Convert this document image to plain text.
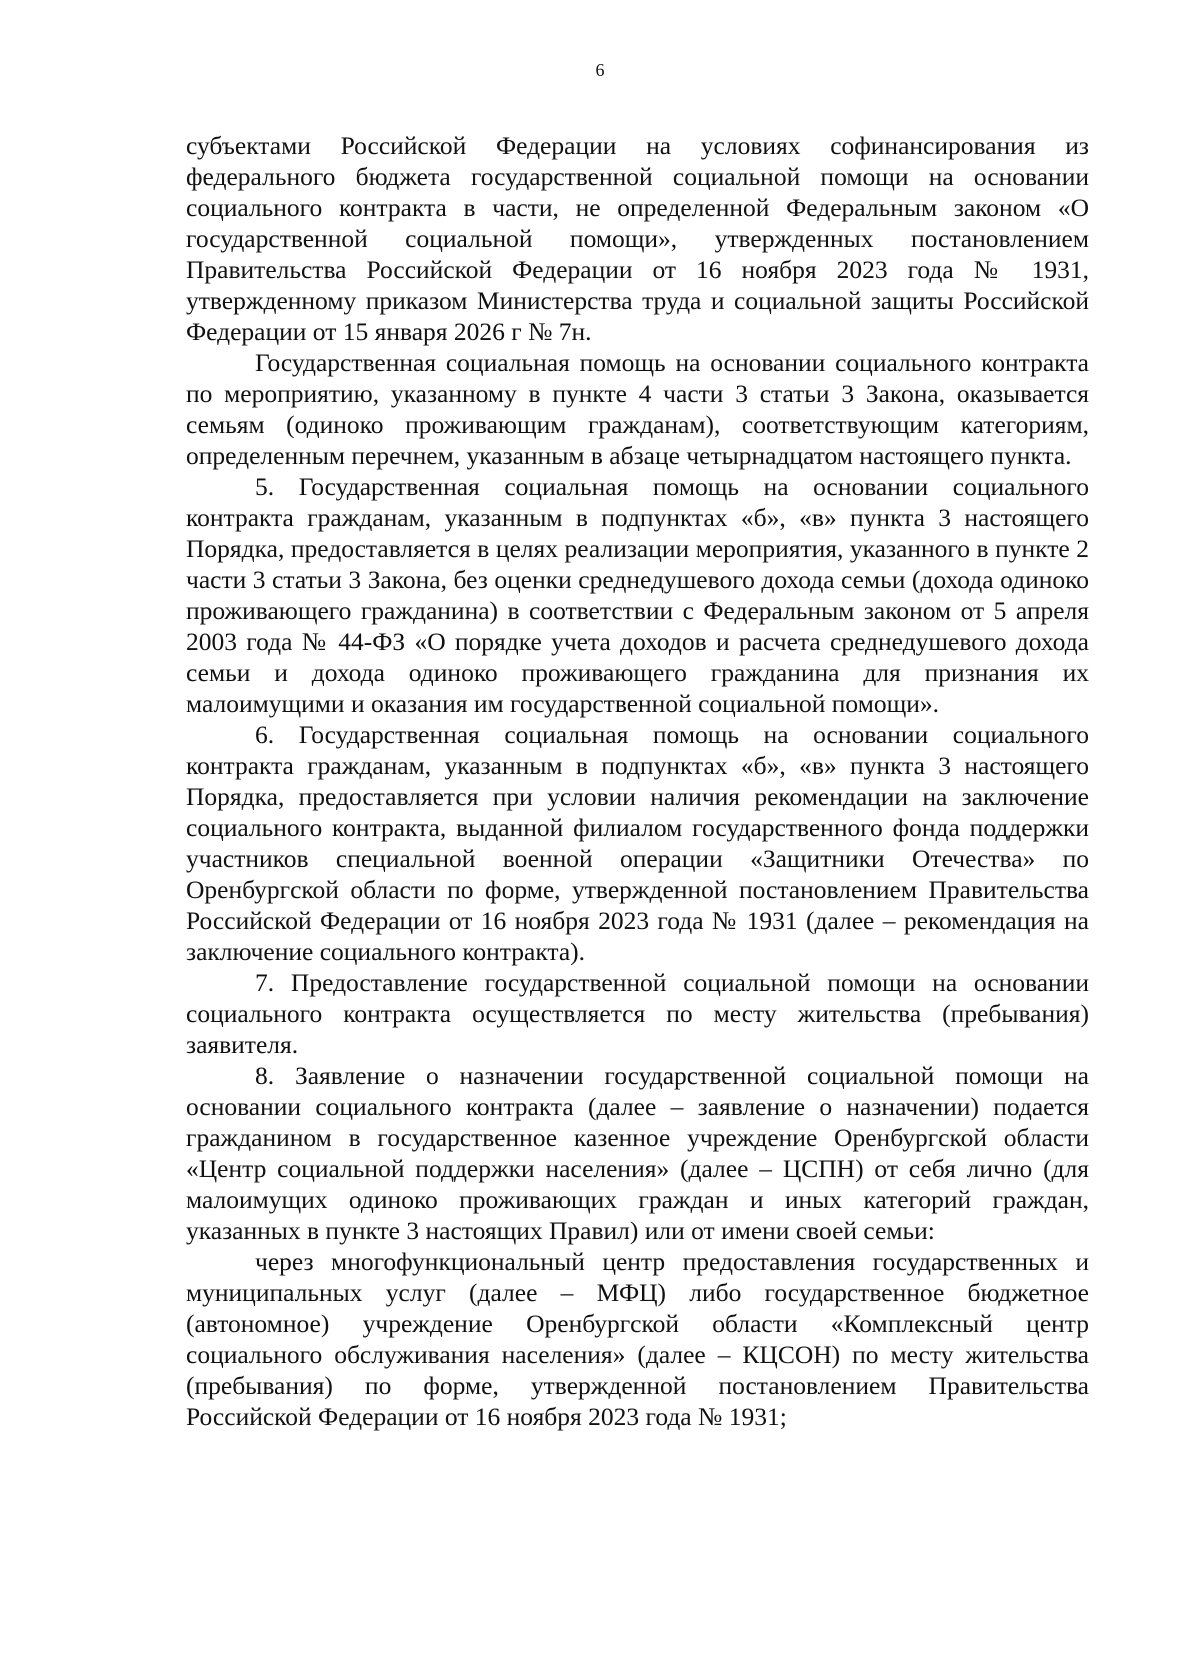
6

субъектами Российской Федерации на условиях софинансирования из федерального бюджета государственной социальной помощи на основании социального контракта в части, не определенной Федеральным законом «О государственной социальной помощи», утвержденных постановлением Правительства Российской Федерации от 16 ноября 2023 года № 1931, утвержденному приказом Министерства труда и социальной защиты Российской Федерации от 15 января 2026 г № 7н.

Государственная социальная помощь на основании социального контракта по мероприятию, указанному в пункте 4 части 3 статьи 3 Закона, оказывается семьям (одиноко проживающим гражданам), соответствующим категориям, определенным перечнем, указанным в абзаце четырнадцатом настоящего пункта.

5. Государственная социальная помощь на основании социального контракта гражданам, указанным в подпунктах «б», «в» пункта 3 настоящего Порядка, предоставляется в целях реализации мероприятия, указанного в пункте 2 части 3 статьи 3 Закона, без оценки среднедушевого дохода семьи (дохода одиноко проживающего гражданина) в соответствии с Федеральным законом от 5 апреля 2003 года № 44-ФЗ «О порядке учета доходов и расчета среднедушевого дохода семьи и дохода одиноко проживающего гражданина для признания их малоимущими и оказания им государственной социальной помощи».

6. Государственная социальная помощь на основании социального контракта гражданам, указанным в подпунктах «б», «в» пункта 3 настоящего Порядка, предоставляется при условии наличия рекомендации на заключение социального контракта, выданной филиалом государственного фонда поддержки участников специальной военной операции «Защитники Отечества» по Оренбургской области по форме, утвержденной постановлением Правительства Российской Федерации от 16 ноября 2023 года № 1931 (далее – рекомендация на заключение социального контракта).

7. Предоставление государственной социальной помощи на основании социального контракта осуществляется по месту жительства (пребывания) заявителя.

8. Заявление о назначении государственной социальной помощи на основании социального контракта (далее – заявление о назначении) подается гражданином в государственное казенное учреждение Оренбургской области «Центр социальной поддержки населения» (далее – ЦСПН) от себя лично (для малоимущих одиноко проживающих граждан и иных категорий граждан, указанных в пункте 3 настоящих Правил) или от имени своей семьи:

через многофункциональный центр предоставления государственных и муниципальных услуг (далее – МФЦ) либо государственное бюджетное (автономное) учреждение Оренбургской области «Комплексный центр социального обслуживания населения» (далее – КЦСОН) по месту жительства (пребывания) по форме, утвержденной постановлением Правительства Российской Федерации от 16 ноября 2023 года № 1931;
